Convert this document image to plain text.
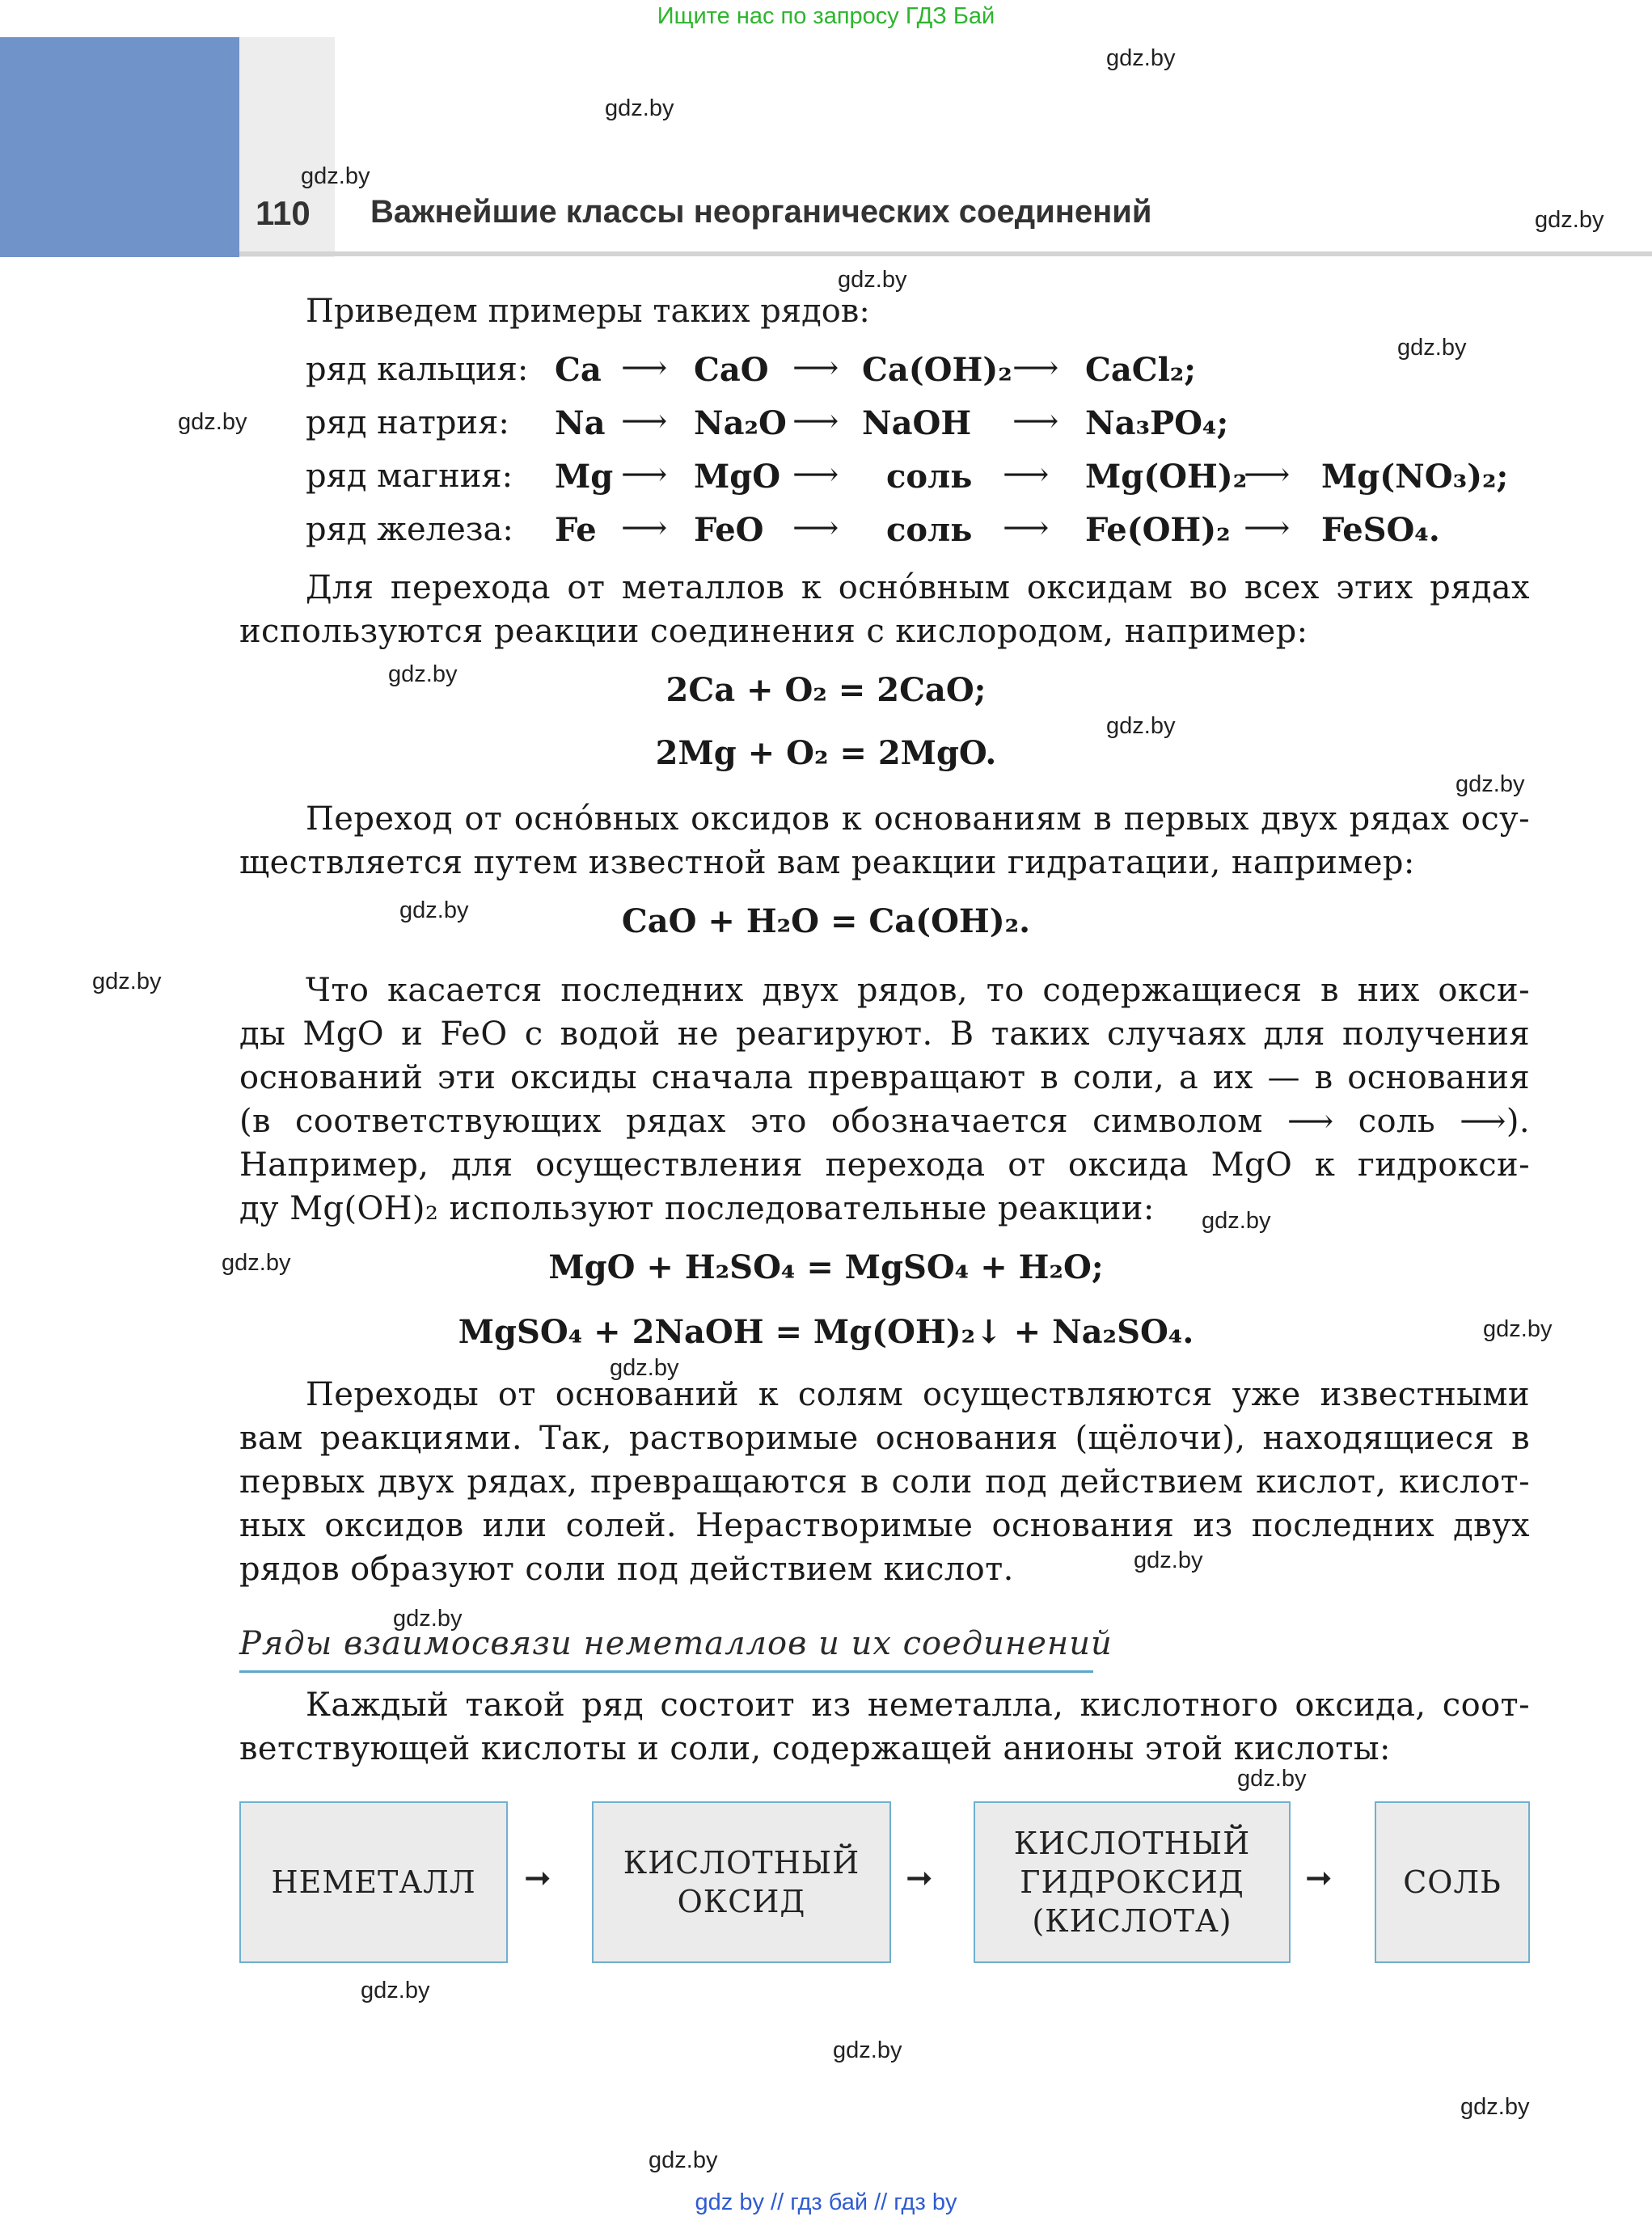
Ищите нас по запросу ГДЗ Бай
110 Важнейшие классы неорганических соединений
gdz.by
gdz.by
gdz.by
gdz.by
gdz.by
gdz.by
gdz.by
gdz.by
gdz.by
gdz.by
gdz.by
gdz.by
gdz.by
gdz.by
gdz.by
gdz.by
gdz.by
gdz.by
gdz.by
gdz.by
gdz.by
gdz.by
gdz.by
Приведем примеры таких рядов:
ряд кальция: Ca ⟶ CaO ⟶ Ca(OH)₂ ⟶ CaCl₂;
ряд натрия: Na ⟶ Na₂O ⟶ NaOH ⟶ Na₃PO₄;
ряд магния: Mg ⟶ MgO ⟶ соль ⟶ Mg(OH)₂
⟶ Mg(NO₃)₂;
ряд железа: Fe ⟶ FeO ⟶ соль ⟶ Fe(OH)₂ ⟶ FeSO₄.
Для перехода от металлов к осно́вным оксидам во всех этих рядах
используются реакции соединения с кислородом, например:
2Ca + O₂ = 2CaO;
2Mg + O₂ = 2MgO.
Переход от осно́вных оксидов к основаниям в первых двух рядах осу-
ществляется путем известной вам реакции гидратации, например:
CaO + H₂O = Ca(OH)₂.
Что касается последних двух рядов, то содержащиеся в них окси-
ды MgO и FeO с водой не реагируют. В таких случаях для получения
оснований эти оксиды сначала превращают в соли, а их — в основания
(в соответствующих рядах это обозначается символом ⟶ соль ⟶).
Например, для осуществления перехода от оксида MgO к гидрокси-
ду Mg(OH)₂ используют последовательные реакции:
MgO + H₂SO₄ = MgSO₄ + H₂O;
MgSO₄ + 2NaOH = Mg(OH)₂↓ + Na₂SO₄.
Переходы от оснований к солям осуществляются уже известными
вам реакциями. Так, растворимые основания (щёлочи), находящиеся в
первых двух рядах, превращаются в соли под действием кислот, кислот-
ных оксидов или солей. Нерастворимые основания из последних двух
рядов образуют соли под действием кислот.
Ряды взаимосвязи неметаллов и их соединений
Каждый такой ряд состоит из неметалла, кислотного оксида, соот-
ветствующей кислоты и соли, содержащей анионы этой кислоты:
НЕМЕТАЛЛ ➞ КИСЛОТНЫЙ
ОКСИД
➞
КИСЛОТНЫЙ
ГИДРОКСИД
(КИСЛОТА)
➞ СОЛЬ
gdz by // гдз бай // гдз by
